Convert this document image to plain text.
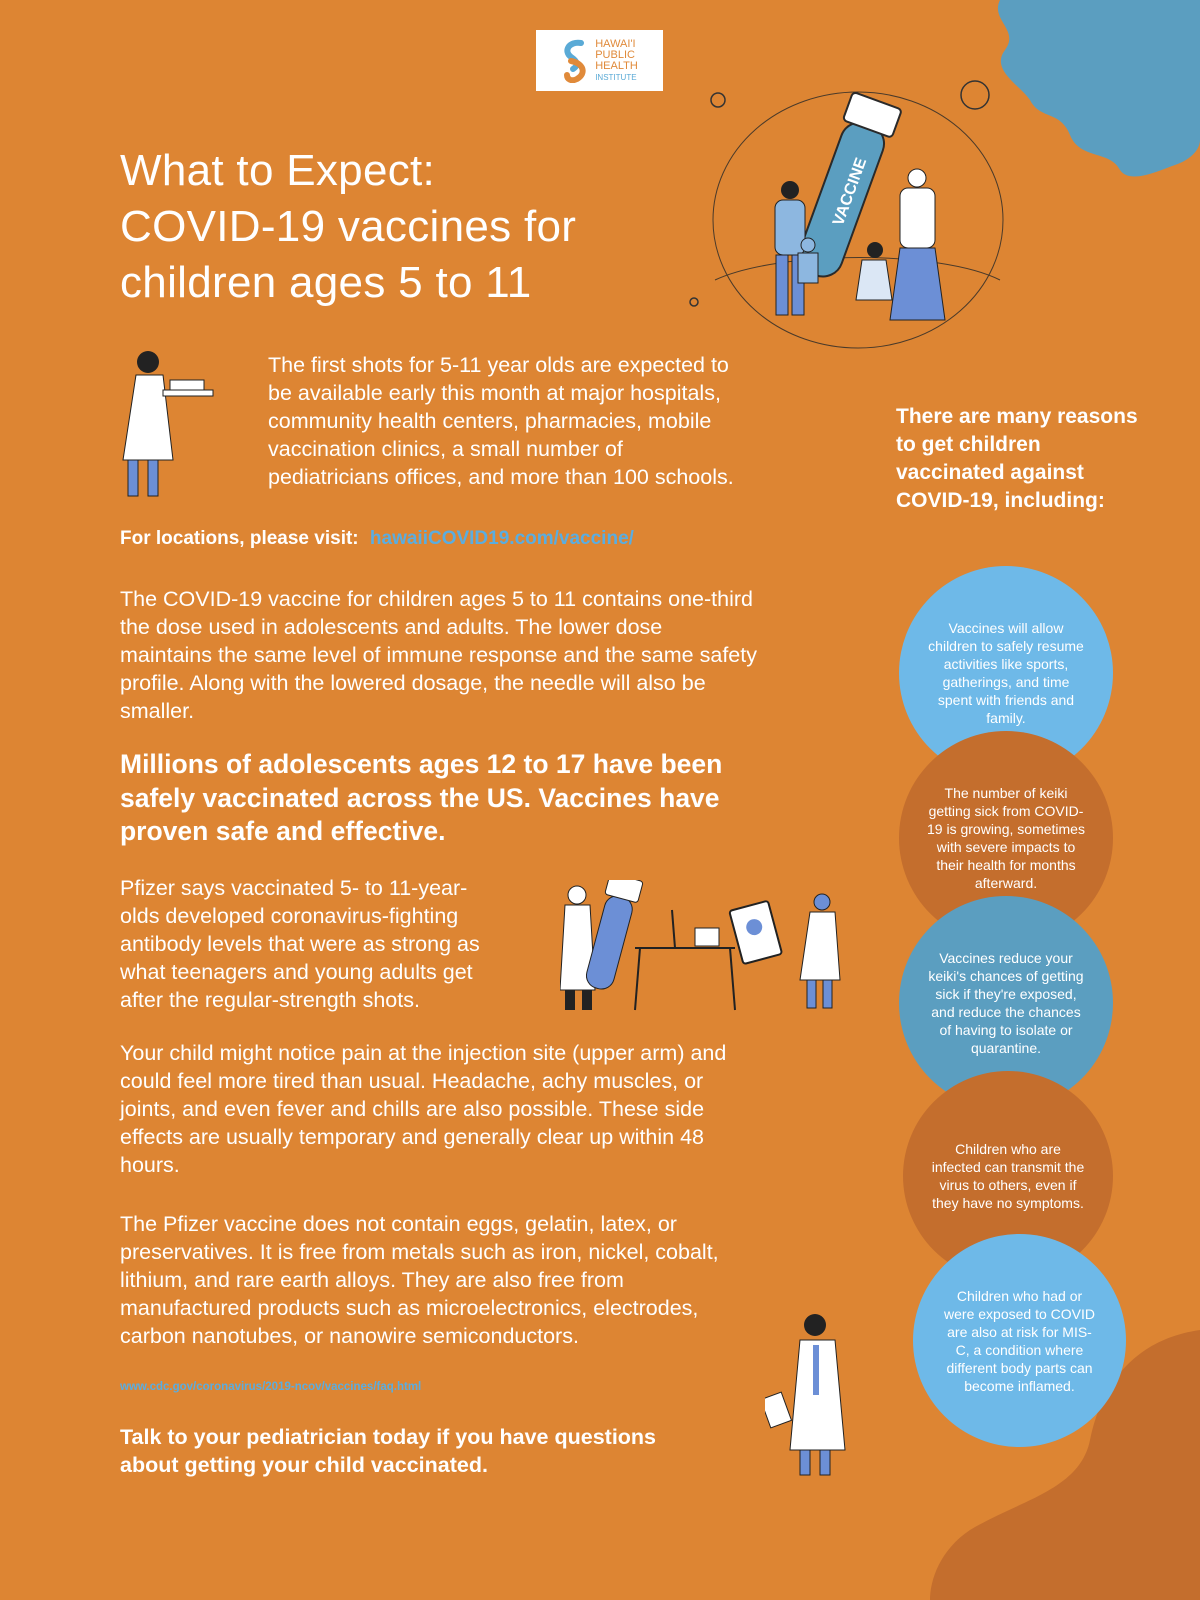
HAWAI'I
PUBLIC
HEALTH
INSTITUTE
VACCINE
What to Expect:
COVID-19 vaccines for
children ages 5 to 11

The first shots for 5-11 year olds are expected to be available early this month at major hospitals, community health centers, pharmacies, mobile vaccination clinics, a small number of pediatricians offices, and more than 100 schools.

For locations, please visit: hawaiiCOVID19.com/vaccine/

The COVID-19 vaccine for children ages 5 to 11 contains one-third the dose used in adolescents and adults. The lower dose maintains the same level of immune response and the same safety profile. Along with the lowered dosage, the needle will also be smaller.

Millions of adolescents ages 12 to 17 have been safely vaccinated across the US. Vaccines have proven safe and effective.

Pfizer says vaccinated 5- to 11-year-olds developed coronavirus-fighting antibody levels that were as strong as what teenagers and young adults get after the regular-strength shots.

Your child might notice pain at the injection site (upper arm) and could feel more tired than usual. Headache, achy muscles, or joints, and even fever and chills are also possible. These side effects are usually temporary and generally clear up within 48 hours.

The Pfizer vaccine does not contain eggs, gelatin, latex, or preservatives. It is free from metals such as iron, nickel, cobalt, lithium, and rare earth alloys. They are also free from manufactured products such as microelectronics, electrodes, carbon nanotubes, or nanowire semiconductors.

www.cdc.gov/coronavirus/2019-ncov/vaccines/faq.html

Talk to your pediatrician today if you have questions about getting your child vaccinated.

There are many reasons to get children vaccinated against COVID-19, including:
Vaccines will allow children to safely resume activities like sports, gatherings, and time spent with friends and family.
The number of keiki getting sick from COVID-19 is growing, sometimes with severe impacts to their health for months afterward.
Vaccines reduce your keiki's chances of getting sick if they're exposed, and reduce the chances of having to isolate or quarantine.
Children who are infected can transmit the virus to others, even if they have no symptoms.
Children who had or were exposed to COVID are also at risk for MIS-C, a condition where different body parts can become inflamed.
